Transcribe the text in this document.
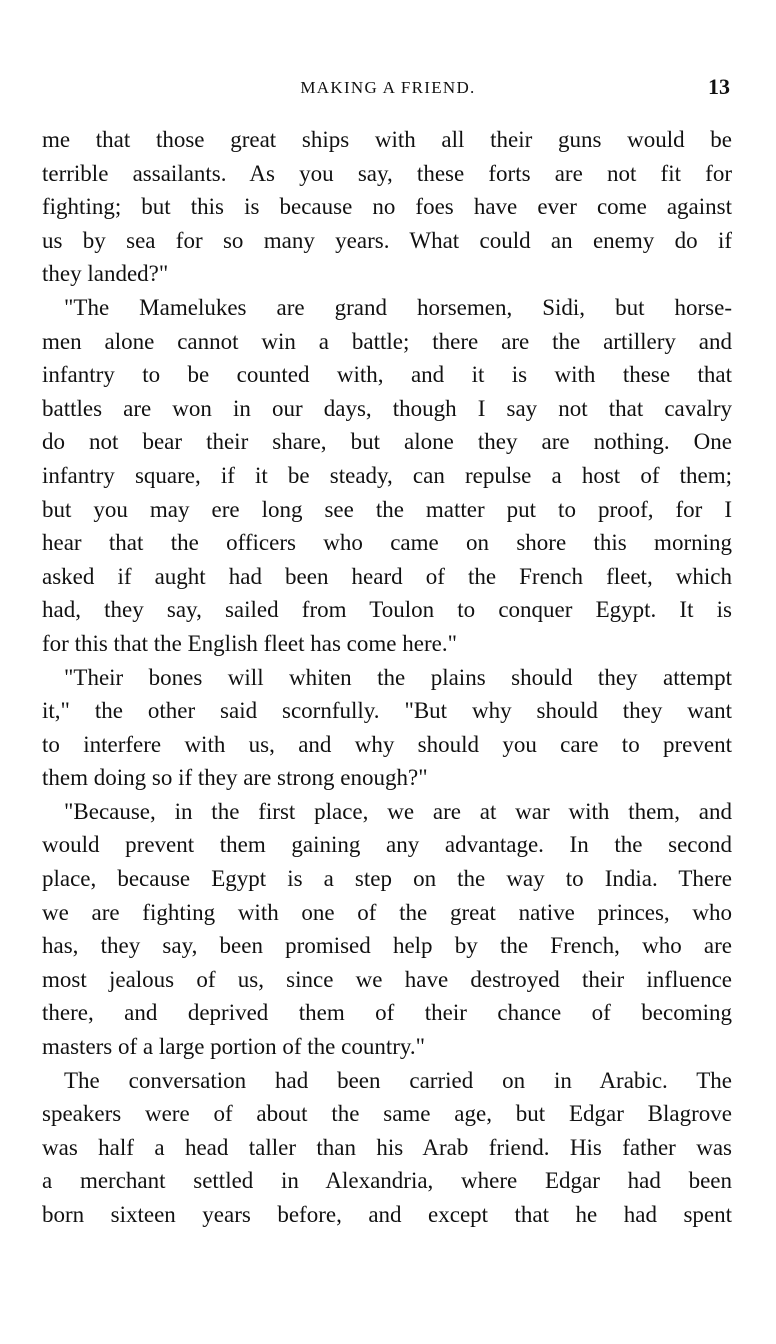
MAKING A FRIEND.	13
me that those great ships with all their guns would be
terrible assailants. As you say, these forts are not fit for
fighting; but this is because no foes have ever come against
us by sea for so many years. What could an enemy do if
they landed?"
"The Mamelukes are grand horsemen, Sidi, but horse-
men alone cannot win a battle; there are the artillery and
infantry to be counted with, and it is with these that
battles are won in our days, though I say not that cavalry
do not bear their share, but alone they are nothing. One
infantry square, if it be steady, can repulse a host of them;
but you may ere long see the matter put to proof, for I
hear that the officers who came on shore this morning
asked if aught had been heard of the French fleet, which
had, they say, sailed from Toulon to conquer Egypt. It is
for this that the English fleet has come here."
"Their bones will whiten the plains should they attempt
it," the other said scornfully. "But why should they want
to interfere with us, and why should you care to prevent
them doing so if they are strong enough?"
"Because, in the first place, we are at war with them, and
would prevent them gaining any advantage. In the second
place, because Egypt is a step on the way to India. There
we are fighting with one of the great native princes, who
has, they say, been promised help by the French, who are
most jealous of us, since we have destroyed their influence
there, and deprived them of their chance of becoming
masters of a large portion of the country."
The conversation had been carried on in Arabic. The
speakers were of about the same age, but Edgar Blagrove
was half a head taller than his Arab friend. His father was
a merchant settled in Alexandria, where Edgar had been
born sixteen years before, and except that he had spent
